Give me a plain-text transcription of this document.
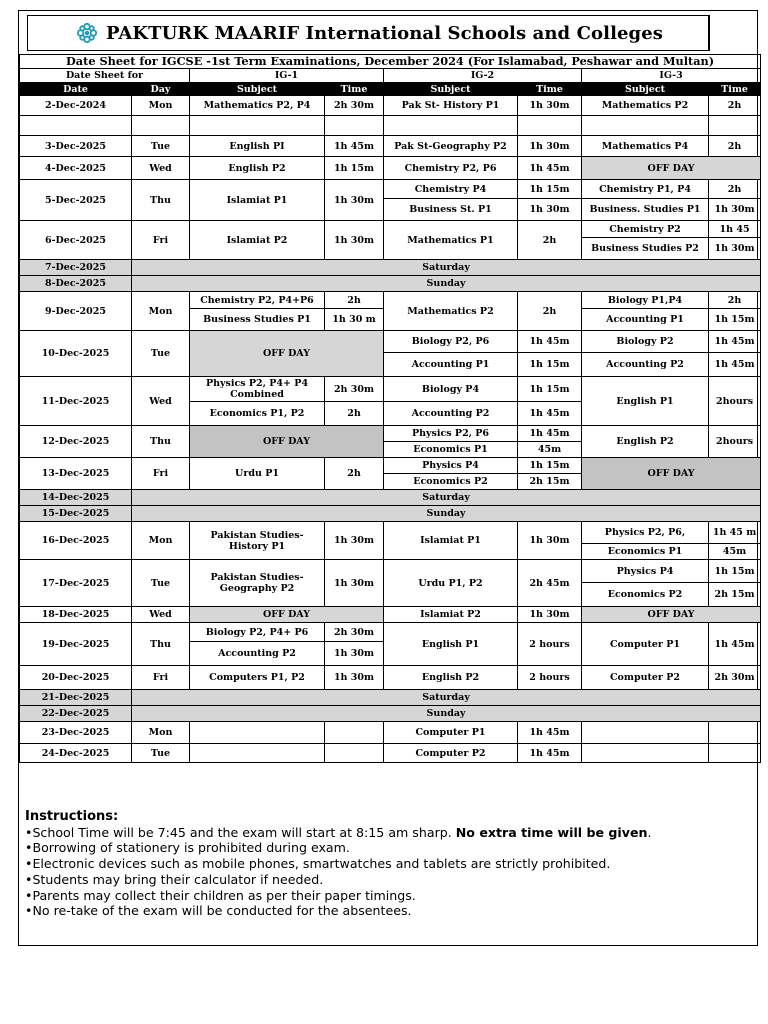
PAKTURK MAARIF International Schools and Colleges
Date Sheet for IGCSE -1st Term Examinations, December 2024 (For Islamabad, Peshawar and Multan)							
Date Sheet for		IG-1		IG-2		IG-3	
Date	Day	Subject	Time	Subject	Time	Subject	Time
2-Dec-2024	Mon	Mathematics P2, P4	2h 30m	Pak St- History P1	1h 30m	Mathematics P2	2h

3-Dec-2025	Tue	English PI	1h 45m	Pak St-Geography P2	1h 30m	Mathematics P4	2h
4-Dec-2025	Wed	English P2	1h 15m	Chemistry P2, P6	1h 45m	OFF DAY	
5-Dec-2025	Thu	Islamiat P1	1h 30m	Chemistry P4	1h 15m	Chemistry P1, P4	2h
				Business St. P1	1h 30m	Business. Studies P1	1h 30m
6-Dec-2025	Fri	Islamiat P2	1h 30m	Mathematics P1	2h	Chemistry P2	1h 45
						Business Studies P2	1h 30m
7-Dec-2025	Saturday						
8-Dec-2025	Sunday						
9-Dec-2025	Mon	Chemistry P2, P4+P6	2h	Mathematics P2	2h	Biology P1,P4	2h
		Business Studies P1	1h 30 m			Accounting P1	1h 15m
10-Dec-2025	Tue	OFF DAY		Biology P2, P6	1h 45m	Biology P2	1h 45m
				Accounting P1	1h 15m	Accounting P2	1h 45m
11-Dec-2025	Wed	Physics P2, P4+ P4 Combined	2h 30m	Biology P4	1h 15m	English P1	2hours
		Economics P1, P2	2h	Accounting P2	1h 45m		
12-Dec-2025	Thu	OFF DAY		Physics P2, P6	1h 45m	English P2	2hours
				Economics P1	45m		
13-Dec-2025	Fri	Urdu P1	2h	Physics P4	1h 15m	OFF DAY	
				Economics P2	2h 15m		
14-Dec-2025	Saturday						
15-Dec-2025	Sunday						
16-Dec-2025	Mon	Pakistan Studies-History P1	1h 30m	Islamiat P1	1h 30m	Physics P2, P6,	1h 45 m
						Economics P1	45m
17-Dec-2025	Tue	Pakistan Studies-Geography P2	1h 30m	Urdu P1, P2	2h 45m	Physics P4	1h 15m
						Economics P2	2h 15m
18-Dec-2025	Wed	OFF DAY		Islamiat P2	1h 30m	OFF DAY	
19-Dec-2025	Thu	Biology P2, P4+ P6	2h 30m	English P1	2 hours	Computer P1	1h 45m
		Accounting P2	1h 30m				
20-Dec-2025	Fri	Computers P1, P2	1h 30m	English P2	2 hours	Computer P2	2h 30m
21-Dec-2025	Saturday						
22-Dec-2025	Sunday						
23-Dec-2025	Mon			Computer P1	1h 45m		
24-Dec-2025	Tue			Computer P2	1h 45m		
Instructions:
• School Time will be 7:45 and the exam will start at 8:15 am sharp. No extra time will be given.
• Borrowing of stationery is prohibited during exam.
• Electronic devices such as mobile phones, smartwatches and tablets are strictly prohibited.
• Students may bring their calculator if needed.
• Parents may collect their children as per their paper timings.
• No re-take of the exam will be conducted for the absentees.
